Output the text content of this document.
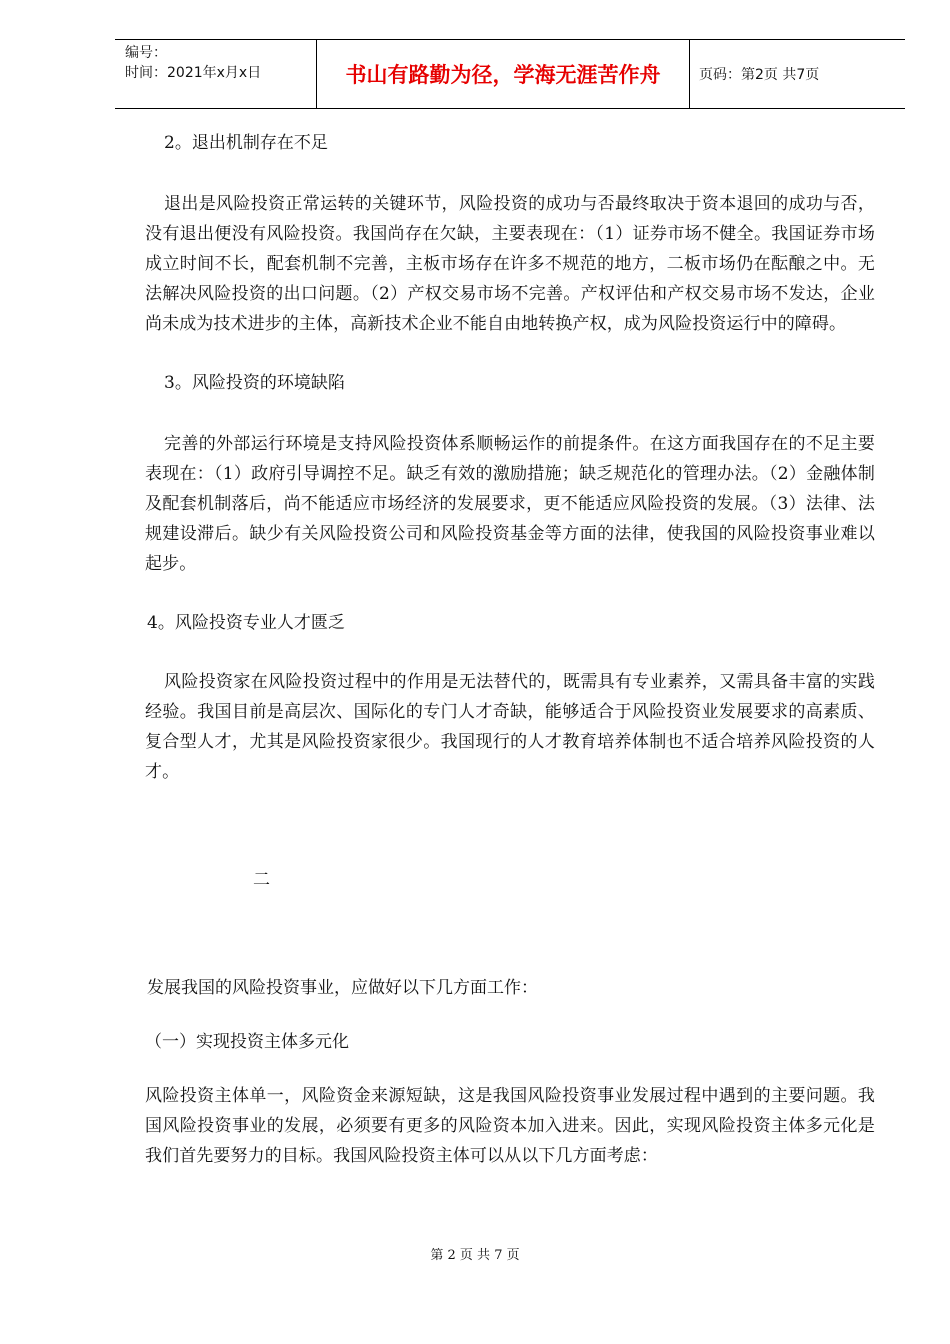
编号：
时间：2021年x月x日	书山有路勤为径，学海无涯苦作舟	页码：第2页 共7页

2。退出机制存在不足

退出是风险投资正常运转的关键环节，风险投资的成功与否最终取决于资本退回的成功与否，没有退出便没有风险投资。我国尚存在欠缺，主要表现在：（1）证券市场不健全。我国证券市场成立时间不长，配套机制不完善，主板市场存在许多不规范的地方，二板市场仍在酝酿之中。无法解决风险投资的出口问题。（2）产权交易市场不完善。产权评估和产权交易市场不发达，企业尚未成为技术进步的主体，高新技术企业不能自由地转换产权，成为风险投资运行中的障碍。

3。风险投资的环境缺陷

完善的外部运行环境是支持风险投资体系顺畅运作的前提条件。在这方面我国存在的不足主要表现在：（1）政府引导调控不足。缺乏有效的激励措施；缺乏规范化的管理办法。（2）金融体制及配套机制落后，尚不能适应市场经济的发展要求，更不能适应风险投资的发展。（3）法律、法规建设滞后。缺少有关风险投资公司和风险投资基金等方面的法律，使我国的风险投资事业难以起步。

4。风险投资专业人才匮乏

风险投资家在风险投资过程中的作用是无法替代的，既需具有专业素养，又需具备丰富的实践经验。我国目前是高层次、国际化的专门人才奇缺，能够适合于风险投资业发展要求的高素质、复合型人才，尤其是风险投资家很少。我国现行的人才教育培养体制也不适合培养风险投资的人才。

二

发展我国的风险投资事业，应做好以下几方面工作：

（一）实现投资主体多元化

风险投资主体单一，风险资金来源短缺，这是我国风险投资事业发展过程中遇到的主要问题。我国风险投资事业的发展，必须要有更多的风险资本加入进来。因此，实现风险投资主体多元化是我们首先要努力的目标。我国风险投资主体可以从以下几方面考虑：

第 2 页 共 7 页
